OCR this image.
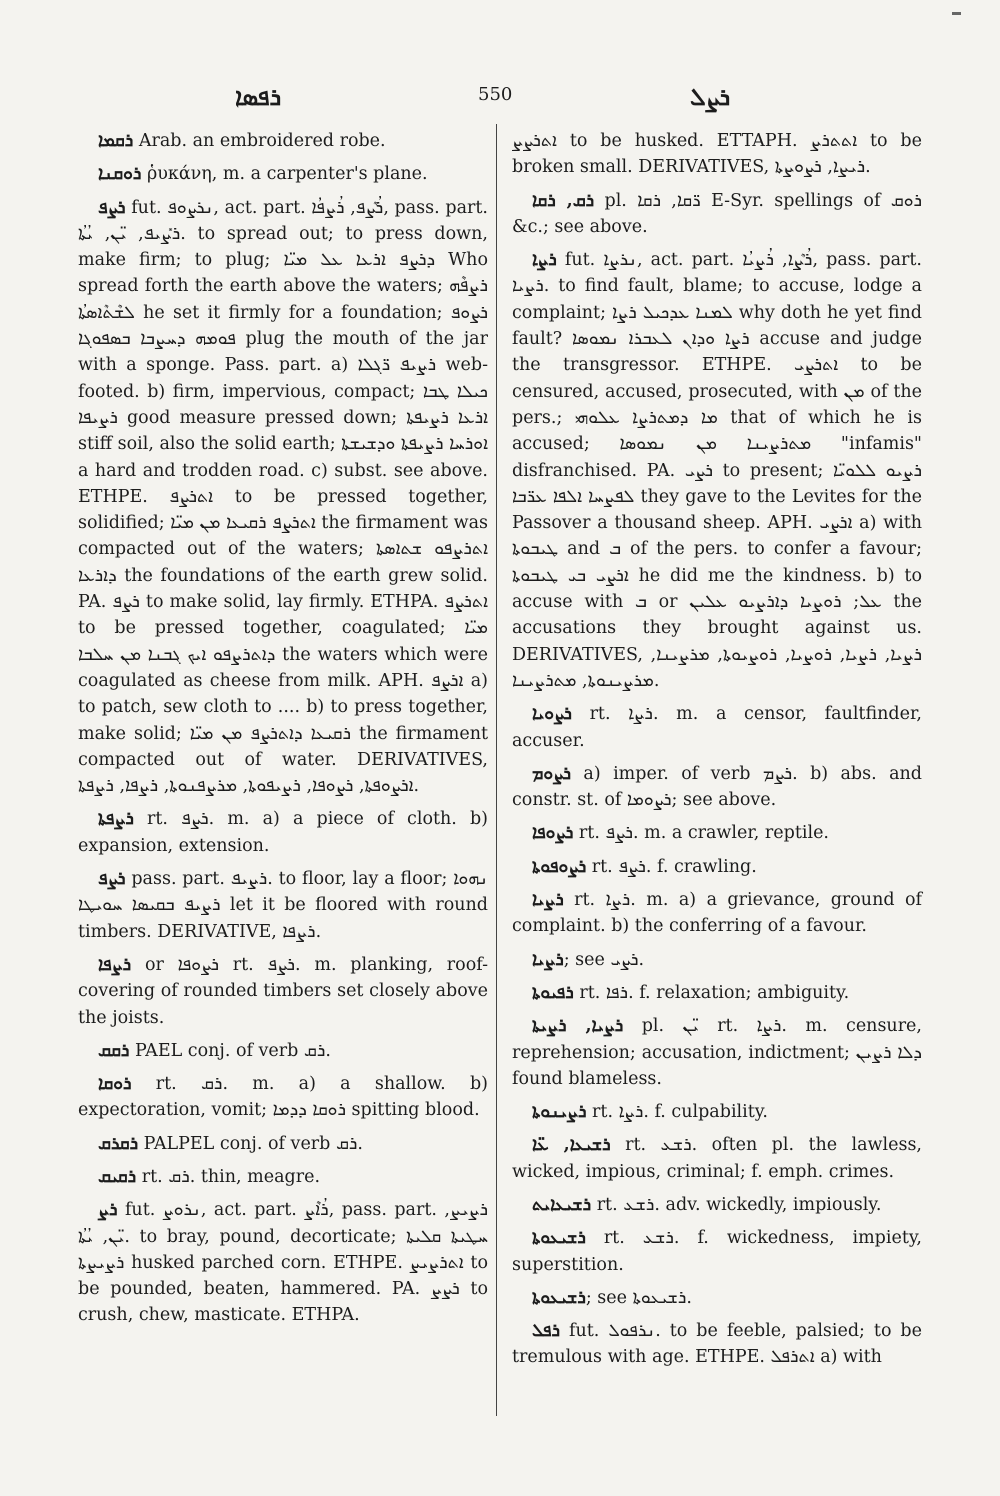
ܪܦܣܐ	550	ܪܨܠ

ܪܩܡܐ Arab. an embroidered robe.

ܪܘܩܢܐ ῥυκάνη, m. a carpenter's plane.

ܪܨܦ fut. ܢܪܨܘܦ, act. part. ܪܳܨܶܦ, ܪܳܨܦܳܐ, pass. part. ܪܨܺܝܦ, ܝ̈ܢ, ܝܳܬܳܐ. to spread out; to press down, make firm; to plug; ܕܪܨܦ ܐܪܥܐ ܥܠ ܡܝ̈ܐ Who spread forth the earth above the waters; ܪܨܦܶܗ ܠܫܶܬܶܐܣܬܳܐ he set it firmly for a foundation; ܪܨܘܦ ܦܘܡܗ ܕܚܨܒܐ ܒܣܦܘܓܐ plug the mouth of the jar with a sponge. Pass. part. a) ܪܨܝܦ ܪ̈ܓܠܐ web-footed. b) firm, impervious, compact; ܟܝܠܐ ܛܒܐ ܪܨܝܦܐ good measure pressed down; ܐܪܥܐ ܪܨܝܦܬܐ stiff soil, also the solid earth; ܐܘܪܚܐ ܪܨܝܦܬܐ ܘܕܫܝܫܬܐ a hard and trodden road. c) subst. see above. ETHPE. ܐܬܪܨܦ to be pressed together, solidified; ܐܬܪܨܦ ܪܩܝܥܐ ܡܢ ܡܝ̈ܐ the firmament was compacted out of the waters; ܐܬܪܨܦܘ ܫܬܐܣܬܐ ܕܐܪܥܐ the foundations of the earth grew solid. PA. ܪܨܦ to make solid, lay firmly. ETHPA. ܐܬܪܨܦ to be pressed together, coagulated; ܡܝ̈ܐ ܕܐܬܪܨܦܘ ܐܝܟ ܓܒܢܐ ܡܢ ܚܠܒܐ the waters which were coagulated as cheese from milk. APH. ܐܪܨܦ a) to patch, sew cloth to .... b) to press together, make solid; ܪܩܝܥܐ ܕܐܬܪܨܦ ܡܢ ܡܝ̈ܐ the firmament compacted out of water. DERIVATIVES, ܐܪܨܘܦܬܐ, ܪܨܘܦܐ, ܪܨܝܦܘܬܐ, ܡܪܨܦܢܘܬܐ, ܪܨܦܐ, ܪܨܦܬܐ.

ܪܨܦܬܐ rt. ܪܨܦ. m. a) a piece of cloth. b) expansion, extension.

ܪܨܦ pass. part. ܪܨܝܦ. to floor, lay a floor; ܢܗܘܐ ܪܨܝܦ ܒܩܝܣܐ ܚܘܝܛܐ let it be floored with round timbers. DERIVATIVE, ܪܨܦܐ.

ܪܨܦܐ or ܪܨܘܦܐ rt. ܪܨܦ. m. planking, roof-covering of rounded timbers set closely above the joists.

ܪܩܩ PAEL conj. of verb ܪܩ.

ܪܘܩܐ rt. ܪܩ. m. a) a shallow. b) expectoration, vomit; ܪܘܩܐ ܕܕܡܐ spitting blood.

ܪܩܪܩ PALPEL conj. of verb ܪܩ.

ܪܩܝܩ rt. ܪܩ. thin, meagre.

ܪܨ fut. ܢܪܘܨ, act. part. ܪܳܐܶܨ, pass. part. ܪܨܝܨ, ܝ̈ܢ, ܝܳܬܳܐ. to bray, pound, decorticate; ܚܛܝܬܐ ܩܠܝܬܐ ܪܨܝܨܬܐ husked parched corn. ETHPE. ܐܬܪܨܝܨ to be pounded, beaten, hammered. PA. ܪܨܨ to crush, chew, masticate. ETHPA.

ܐܬܪܨܨ to be husked. ETTAPH. ܐܬܬܪܨ to be broken small. DERIVATIVES, ܪܝܨܐ, ܪܨܘܨܬܐ.

ܪܩ, ܪܩܐ pl. ܪ̈ܩܐ, ܪܩܐ E-Syr. spellings of ܪܘܩ &c.; see above.

ܪܨܐ fut. ܢܪܨܐ, act. part. ܪܳܨܶܐ, ܪܳܨܝܳܐ, pass. part. ܪܨܝܐ. to find fault, blame; to accuse, lodge a complaint; ܠܡܢܐ ܥܕܟܝܠ ܪܨܐ why doth he yet find fault? ܪܨܐ ܘܕܐܢ ܠܥܒܪܐ ܢܡܘܣܐ accuse and judge the transgressor. ETHPE. ܐܬܪܨܝ to be censured, accused, prosecuted, with ܡܢ of the pers.; ܡܐ ܕܡܬܪܨܐ ܥܠܘܗܝ that of which he is accused; ܡܬܪܨܝܢܐ ܡܢ ܢܡܘܣܐ "infamis" disfranchised. PA. ܪܨܝ to present; ܪܨܝܘ ܠܠܘܝ̈ܐ ܠܦܨܚܐ ܐܠܦܐ ܥܪ̈ܒܐ they gave to the Levites for the Passover a thousand sheep. APH. ܐܪܨܝ a) with ܛܝܒܘܬܐ and ܒ of the pers. to confer a favour; ܐܪܨܝ ܒܝ ܛܝܒܘܬܐ he did me the kindness. b) to accuse with ܒ or ܥܠ; ܪܘܨܝܐ ܕܐܪܨܝܘ ܥܠܝܢ the accusations they brought against us. DERIVATIVES, ܪܨܝܐ, ܪܨܝܐ, ܪܘܨܝܐ, ܪܘܨܝܘܬܐ, ܡܪܨܝܢܐ, ܡܪܨܝܢܘܬܐ, ܡܬܪܨܝܢܐ.

ܪܨܘܝܐ rt. ܪܨܐ. m. a censor, faultfinder, accuser.

ܪܨܘܡ a) imper. of verb ܪܨܡ. b) abs. and constr. st. of ܪܨܘܡܐ; see above.

ܪܨܘܦܐ rt. ܪܨܦ. m. a crawler, reptile.

ܪܨܘܦܘܬܐ rt. ܪܨܦ. f. crawling.

ܪܨܝܐ rt. ܪܨܐ. m. a) a grievance, ground of complaint. b) the conferring of a favour.

ܪܨܝܐ; see ܪܨܝ.

ܪܦܝܘܬܐ rt. ܪܦܐ. f. relaxation; ambiguity.

ܪܨܝܐ, ܪܨܝܬܐ pl. ܝ̈ܢ rt. ܪܨܐ. m. censure, reprehension; accusation, indictment; ܕܠܐ ܪܨܝܢ found blameless.

ܪܨܝܢܘܬܐ rt. ܪܨܐ. f. culpability.

ܪܫܝܥܐ, ܥ̈ܐ rt. ܪܫܥ. often pl. the lawless, wicked, impious, criminal; f. emph. crimes.

ܪܫܝܥܐܝܬ rt. ܪܫܥ. adv. wickedly, impiously.

ܪܫܝܥܘܬܐ rt. ܪܫܥ. f. wickedness, impiety, superstition.

ܪܫܝܥܘܬܐ; see ܪܫܝܥܘܬܐ.

ܪܦܠ fut. ܢܪܦܘܠ. to be feeble, palsied; to be tremulous with age. ETHPE. ܐܬܪܦܠ a) with
